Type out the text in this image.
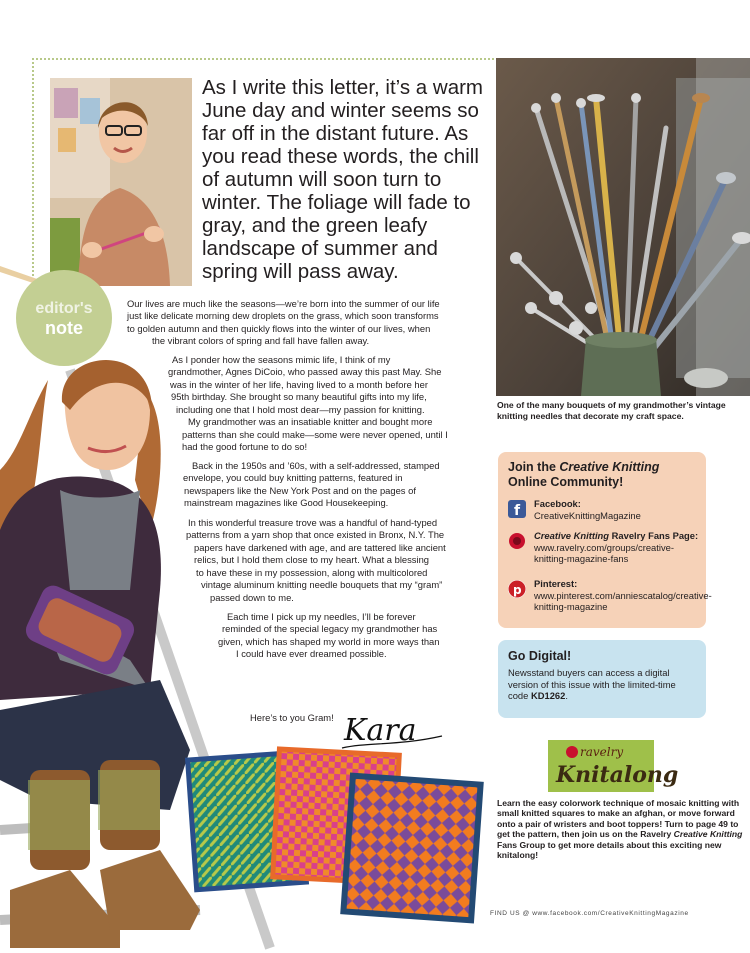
As I write this letter, it’s a warm June day and winter seems so far off in the distant future. As you read these words, the chill of autumn will soon turn to winter. The foliage will fade to gray, and the green leafy landscape of summer and spring will pass away.

One of the many bouquets of my grandmother’s vintage knitting needles that decorate my craft space.

editor's
note
Our lives are much like the seasons—we’re born into the summer of our life
just like delicate morning dew droplets on the grass, which soon transforms
to golden autumn and then quickly flows into the winter of our lives, when
the vibrant colors of spring and fall have fallen away.
As I ponder how the seasons mimic life, I think of my
grandmother, Agnes DiCoio, who passed away this past May. She
was in the winter of her life, having lived to a month before her
95th birthday. She brought so many beautiful gifts into my life,
including one that I hold most dear—my passion for knitting.
My grandmother was an insatiable knitter and bought more
patterns than she could make—some were never opened, until I
had the good fortune to do so!
Back in the 1950s and ’60s, with a self-addressed, stamped
envelope, you could buy knitting patterns, featured in
newspapers like the New York Post and on the pages of
mainstream magazines like Good Housekeeping.
In this wonderful treasure trove was a handful of hand-typed
patterns from a yarn shop that once existed in Bronx, N.Y. The
papers have darkened with age, and are tattered like ancient
relics, but I hold them close to my heart. What a blessing
to have these in my possession, along with multicolored
vintage aluminum knitting needle bouquets that my “gram”
passed down to me.
Each time I pick up my needles, I’ll be forever
reminded of the special legacy my grandmother has
given, which has shaped my world in more ways than
I could have ever dreamed possible.
Here’s to you Gram! Kara
Join the Creative Knitting
Online Community!
f Facebook:
CreativeKnittingMagazine
Creative Knitting Ravelry Fans Page: www.ravelry.com/groups/creative-knitting-magazine-fans
p Pinterest: www.pinterest.com/anniescatalog/creative-knitting-magazine
Go Digital!

Newsstand buyers can access a digital version of this issue with the limited-time code KD1262.

ravelry
Knitalong

Learn the easy colorwork technique of mosaic knitting with small knitted squares to make an afghan, or move forward onto a pair of wristers and boot toppers! Turn to page 49 to get the pattern, then join us on the Ravelry Creative Knitting Fans Group to get more details about this exciting new knitalong!

FIND US @ www.facebook.com/CreativeKnittingMagazine
